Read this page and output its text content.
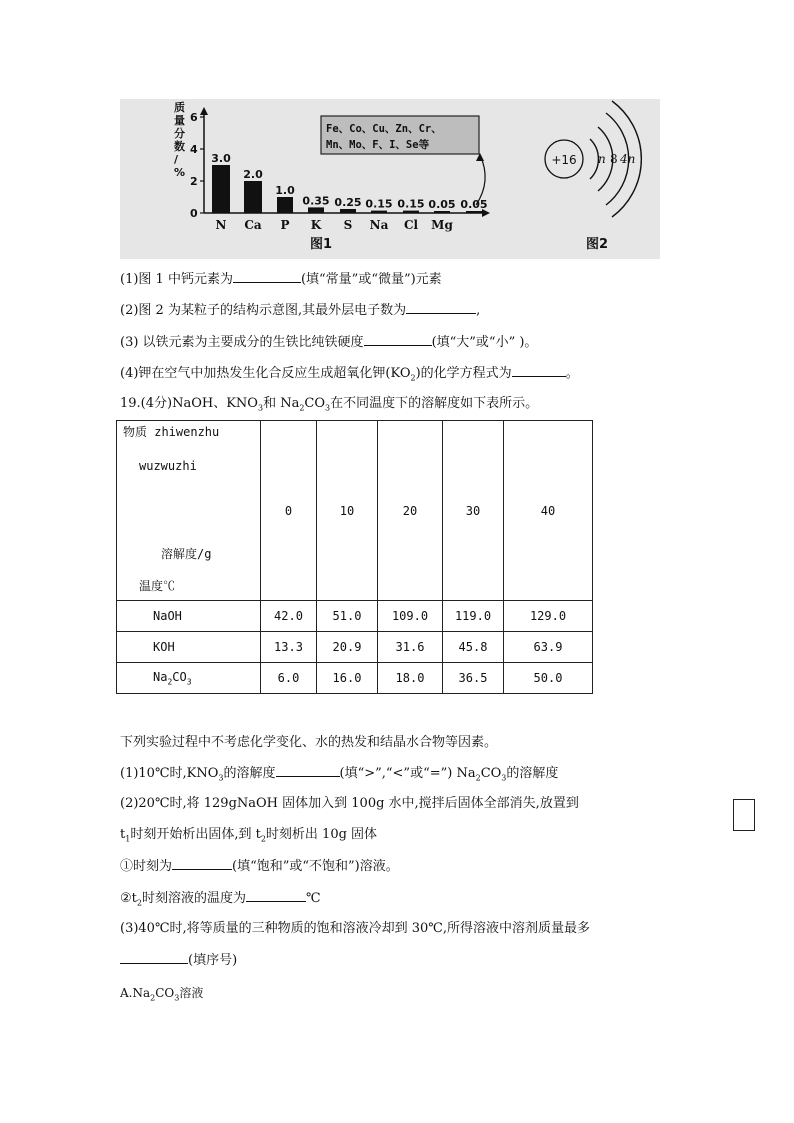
质
量
分
数
/
%
6
4
2
0
3.0
2.0
1.0
0.35 0.25 0.15 0.15 0.05 0.05
N Ca P K S Na Cl Mg
Fe、Co、Cu、Zn、Cr、
Mn、Mo、F、I、Se等
图1
+16 n 8 4n
图2
(1)图 1 中钙元素为	(填“常量”或“微量”)元素
(2)图 2 为某粒子的结构示意图,其最外层电子数为	,
(3) 以铁元素为主要成分的生铁比纯铁硬度	(填“大”或“小” )。
(4)钾在空气中加热发生化合反应生成超氧化钾$(KO_2)$的化学方程式为	。
19.(4分)NaOH、$KNO_3$和 $Na_2CO_3$在不同温度下的溶解度如下表所示。
物质 zhiwenzhu
wuzwuzhi
溶解度/g
温度℃	0	10	20	30	40
NaOH	42.0	51.0	109.0	119.0	129.0
KOH	13.3	20.9	31.6	45.8	63.9
$Na_2CO_3$	6.0	16.0	18.0	36.5	50.0
下列实验过程中不考虑化学变化、水的热发和结晶水合物等因素。
(1)10℃时$,KNO_3$的溶解度	(填“>”,“<”或“=”) $Na_2CO_3$的溶解度
(2)20℃时,将 129gNaOH 固体加入到 100g 水中,搅拌后固体全部消失,放置到
$t_1$时刻开始析出固体,到 $t_2$时刻析出 10g 固体
①时刻为	(填“饱和”或“不饱和”)溶液。
$②t_2$时刻溶液的温度为	℃
(3)40℃时,将等质量的三种物质的饱和溶液冷却到 30℃,所得溶液中溶剂质量最多
(填序号)
$A.Na_2CO_3$溶液
